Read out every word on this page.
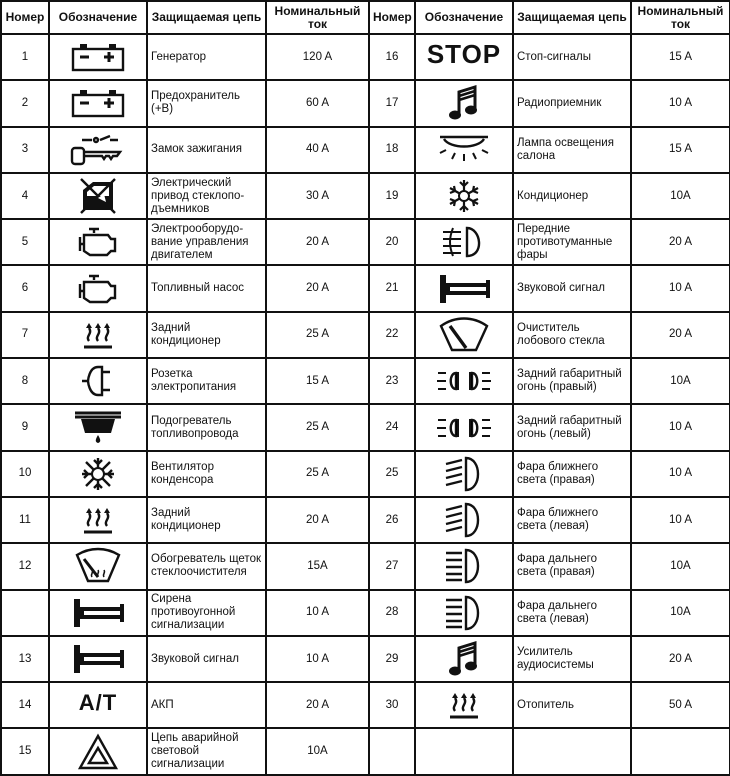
Номер	Обозначение	Защищаемая цепь	Номинальный ток	Номер	Обозначение	Защищаемая цепь	Номинальный ток
1		Генератор	120 A	16	STOP	Стоп-сигналы	15 A
2		Предохранитель (+B)	60 A	17		Радиоприемник	10 A
3		Замок зажигания	40 A	18		Лампа освещения салона	15 A
4		Электрический привод стеклопо-дъемников	30 A	19		Кондиционер	10A
5		Электрооборудо-вание управления двигателем	20 A	20		Передние противотуманные фары	20 A
6		Топливный насос	20 A	21		Звуковой сигнал	10 A
7		Задний кондиционер	25 A	22		Очиститель лобового стекла	20 A
8		Розетка электропитания	15 A	23		Задний габаритный огонь (правый)	10A
9		Подогреватель топливопровода	25 A	24		Задний габаритный огонь (левый)	10 A
10		Вентилятор конденсора	25 A	25		Фара ближнего света (правая)	10 A
11		Задний кондиционер	20 A	26		Фара ближнего света (левая)	10 A
12		Обогреватель щеток стеклоочистителя	15A	27		Фара дальнего света (правая)	10A

	Сирена противоугонной сигнализации	10 A	28		Фара дальнего света (левая)	10A
13		Звуковой сигнал	10 A	29		Усилитель аудиосистемы	20 A
14	A/T	АКП	20 A	30		Отопитель	50 A
15		Цепь аварийной световой сигнализации	10A				
